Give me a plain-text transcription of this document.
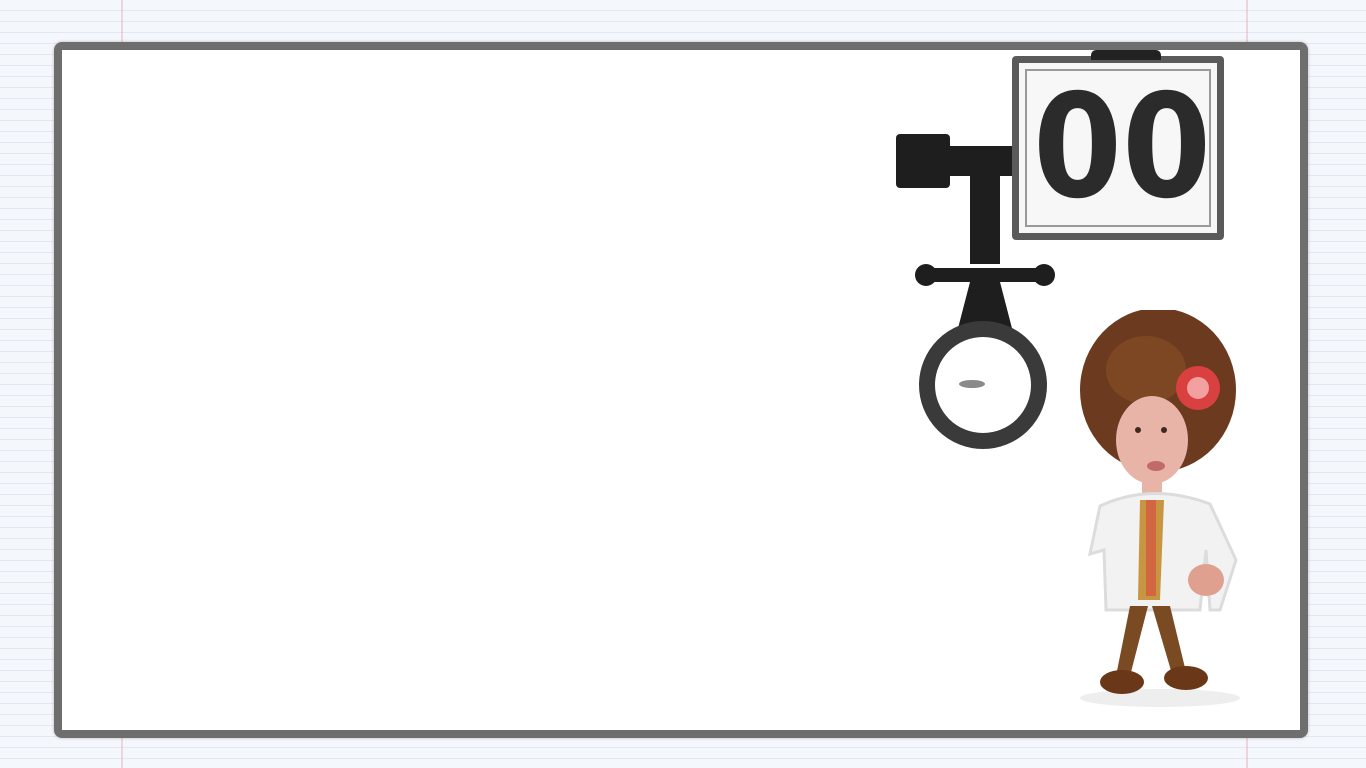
0 0
